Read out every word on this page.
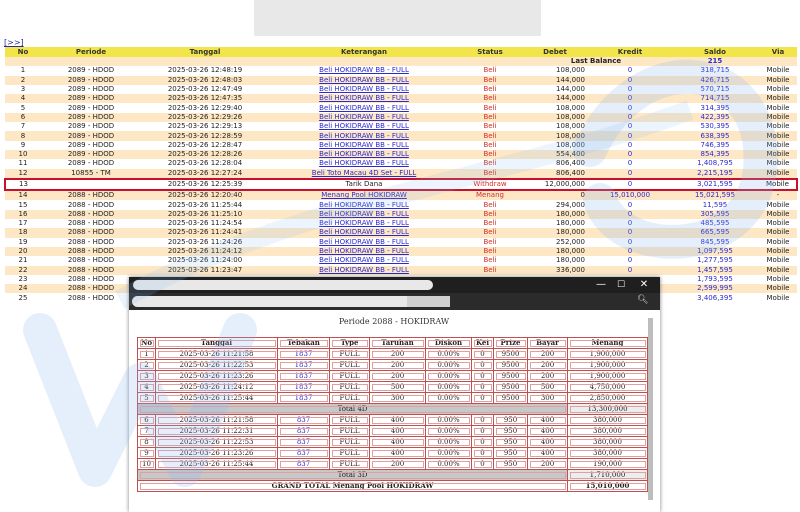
[>>]
No	Periode	Tanggal	Keterangan	Status	Debet	Kredit	Saldo	Via
					Last Balance		215	
1	2089 - HDOD	2025-03-26 12:48:19	Beli HOKIDRAW BB - FULL	Beli	108,000	0	318,715	Mobile
2	2089 - HDOD	2025-03-26 12:48:03	Beli HOKIDRAW BB - FULL	Beli	144,000	0	426,715	Mobile
3	2089 - HDOD	2025-03-26 12:47:49	Beli HOKIDRAW BB - FULL	Beli	144,000	0	570,715	Mobile
4	2089 - HDOD	2025-03-26 12:47:35	Beli HOKIDRAW BB - FULL	Beli	144,000	0	714,715	Mobile
5	2089 - HDOD	2025-03-26 12:29:40	Beli HOKIDRAW BB - FULL	Beli	108,000	0	314,395	Mobile
6	2089 - HDOD	2025-03-26 12:29:26	Beli HOKIDRAW BB - FULL	Beli	108,000	0	422,395	Mobile
7	2089 - HDOD	2025-03-26 12:29:13	Beli HOKIDRAW BB - FULL	Beli	108,000	0	530,395	Mobile
8	2089 - HDOD	2025-03-26 12:28:59	Beli HOKIDRAW BB - FULL	Beli	108,000	0	638,395	Mobile
9	2089 - HDOD	2025-03-26 12:28:47	Beli HOKIDRAW BB - FULL	Beli	108,000	0	746,395	Mobile
10	2089 - HDOD	2025-03-26 12:28:26	Beli HOKIDRAW BB - FULL	Beli	554,400	0	854,395	Mobile
11	2089 - HDOD	2025-03-26 12:28:04	Beli HOKIDRAW BB - FULL	Beli	806,400	0	1,408,795	Mobile
12	10855 - TM	2025-03-26 12:27:24	Beli Toto Macau 4D Set - FULL	Beli	806,400	0	2,215,195	Mobile
13		2025-03-26 12:25:39	Tarik Dana	Withdraw	12,000,000	0	3,021,595	Mobile
14	2088 - HDOD	2025-03-26 12:20:40	Menang Pool HOKIDRAW	Menang	0	15,010,000	15,021,595	-
15	2088 - HDOD	2025-03-26 11:25:44	Beli HOKIDRAW BB - FULL	Beli	294,000	0	11,595	Mobile
16	2088 - HDOD	2025-03-26 11:25:10	Beli HOKIDRAW BB - FULL	Beli	180,000	0	305,595	Mobile
17	2088 - HDOD	2025-03-26 11:24:54	Beli HOKIDRAW BB - FULL	Beli	180,000	0	485,595	Mobile
18	2088 - HDOD	2025-03-26 11:24:41	Beli HOKIDRAW BB - FULL	Beli	180,000	0	665,595	Mobile
19	2088 - HDOD	2025-03-26 11:24:26	Beli HOKIDRAW BB - FULL	Beli	252,000	0	845,595	Mobile
20	2088 - HDOD	2025-03-26 11:24:12	Beli HOKIDRAW BB - FULL	Beli	180,000	0	1,097,595	Mobile
21	2088 - HDOD	2025-03-26 11:24:00	Beli HOKIDRAW BB - FULL	Beli	180,000	0	1,277,595	Mobile
22	2088 - HDOD	2025-03-26 11:23:47	Beli HOKIDRAW BB - FULL	Beli	336,000	0	1,457,595	Mobile
23	2088 - HDOD						1,793,595	Mobile
24	2088 - HDOD						2,599,995	Mobile
25	2088 - HDOD						3,406,395	Mobile
—	☐	✕
🔍︎
Periode 2088 - HOKIDRAW
No	Tanggal	Tebakan	Type	Taruhan	Diskon	Kei	Prize	Bayar	Menang
1	2025-03-26 11:21:58	1837	FULL	200	0.00%	0	9500	200	1,900,000
2	2025-03-26 11:22:53	1837	FULL	200	0.00%	0	9500	200	1,900,000
3	2025-03-26 11:23:26	1837	FULL	200	0.00%	0	9500	200	1,900,000
4	2025-03-26 11:24:12	1837	FULL	500	0.00%	0	9500	500	4,750,000
5	2025-03-26 11:25:44	1837	FULL	300	0.00%	0	9500	300	2,850,000
Total 4D									13,300,000
6	2025-03-26 11:21:58	837	FULL	400	0.00%	0	950	400	380,000
7	2025-03-26 11:22:31	837	FULL	400	0.00%	0	950	400	380,000
8	2025-03-26 11:22:53	837	FULL	400	0.00%	0	950	400	380,000
9	2025-03-26 11:23:26	837	FULL	400	0.00%	0	950	400	380,000
10	2025-03-26 11:25:44	837	FULL	200	0.00%	0	950	200	190,000
Total 3D									1,710,000
GRAND TOTAL Menang Pool HOKIDRAW									15,010,000
